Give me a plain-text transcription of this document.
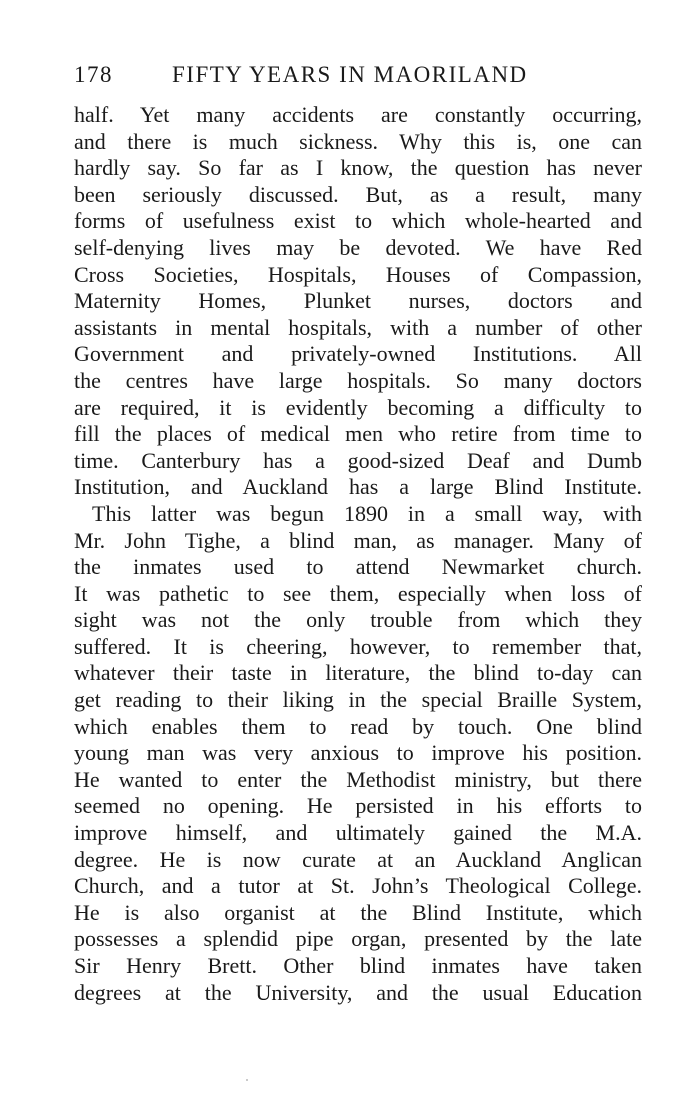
178	FIFTY YEARS IN MAORILAND
half. Yet many accidents are constantly occurring,
and there is much sickness. Why this is, one can
hardly say. So far as I know, the question has never
been seriously discussed. But, as a result, many
forms of usefulness exist to which whole-hearted and
self-denying lives may be devoted. We have Red
Cross Societies, Hospitals, Houses of Compassion,
Maternity Homes, Plunket nurses, doctors and
assistants in mental hospitals, with a number of other
Government and privately-owned Institutions. All
the centres have large hospitals. So many doctors
are required, it is evidently becoming a difficulty to
fill the places of medical men who retire from time to
time. Canterbury has a good-sized Deaf and Dumb
Institution, and Auckland has a large Blind Institute.
This latter was begun 1890 in a small way, with
Mr. John Tighe, a blind man, as manager. Many of
the inmates used to attend Newmarket church.
It was pathetic to see them, especially when loss of
sight was not the only trouble from which they
suffered. It is cheering, however, to remember that,
whatever their taste in literature, the blind to-day can
get reading to their liking in the special Braille System,
which enables them to read by touch. One blind
young man was very anxious to improve his position.
He wanted to enter the Methodist ministry, but there
seemed no opening. He persisted in his efforts to
improve himself, and ultimately gained the M.A.
degree. He is now curate at an Auckland Anglican
Church, and a tutor at St. John’s Theological College.
He is also organist at the Blind Institute, which
possesses a splendid pipe organ, presented by the late
Sir Henry Brett. Other blind inmates have taken
degrees at the University, and the usual Education
